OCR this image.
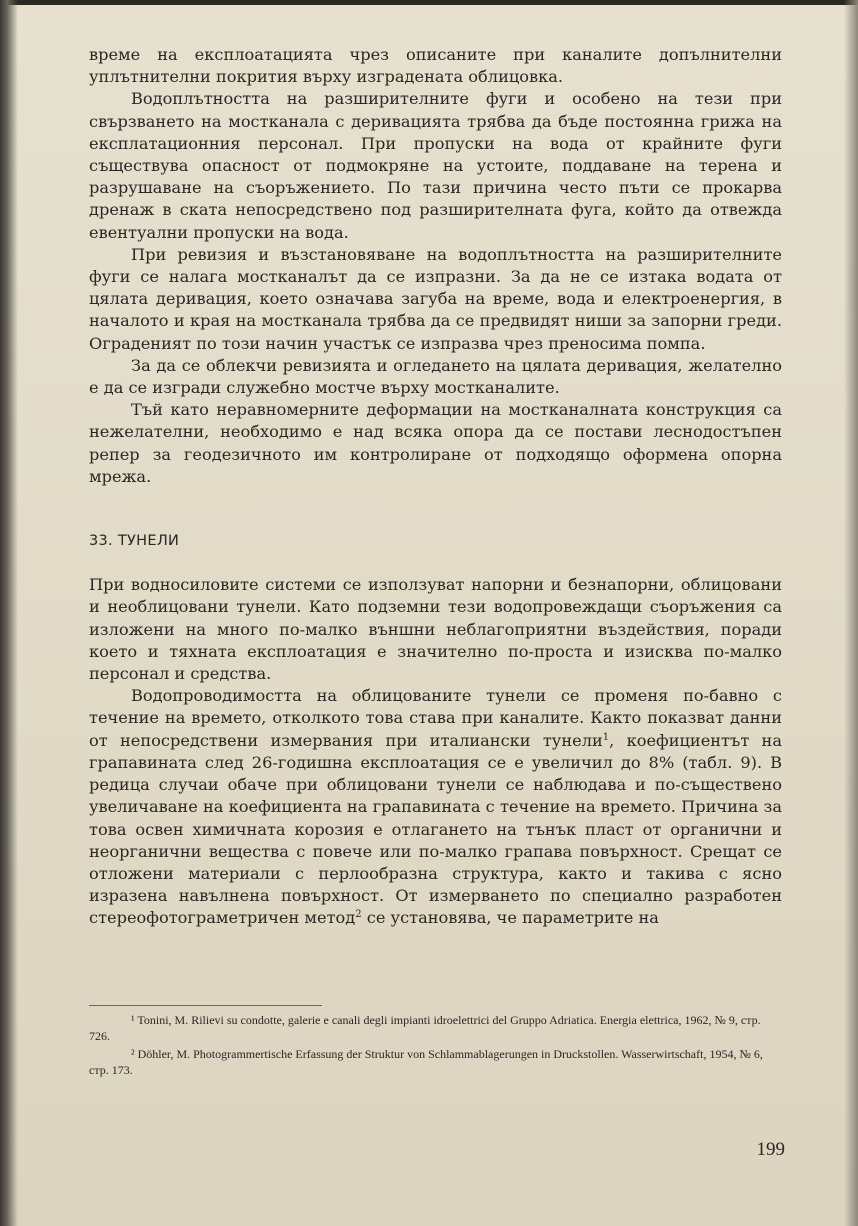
време на експлоатацията чрез описаните при каналите допълнителни уплътнителни покрития върху изградената облицовка.

Водоплътността на разширителните фуги и особено на тези при свързването на мостканала с деривацията трябва да бъде постоянна грижа на експлатационния персонал. При пропуски на вода от крайните фуги съществува опасност от подмокряне на устоите, поддаване на терена и разрушаване на съоръжението. По тази причина често пъти се прокарва дренаж в ската непосредствено под разширителната фуга, който да отвежда евентуални пропуски на вода.

При ревизия и възстановяване на водоплътността на разширителните фуги се налага мостканалът да се изпразни. За да не се изтака водата от цялата деривация, което означава загуба на време, вода и електроенергия, в началото и края на мостканала трябва да се предвидят ниши за запорни греди. Ограденият по този начин участък се изпразва чрез преносима помпа.

За да се облекчи ревизията и огледането на цялата деривация, желателно е да се изгради служебно мостче върху мостканалите.

Тъй като неравномерните деформации на мостканалната конструкция са нежелателни, необходимо е над всяка опора да се постави леснодостъпен репер за геодезичното им контролиране от подходящо оформена опорна мрежа.

33. ТУНЕЛИ

При водносиловите системи се използуват напорни и безнапорни, облицовани и необлицовани тунели. Като подземни тези водопровеждащи съоръжения са изложени на много по-малко външни неблагоприятни въздействия, поради което и тяхната експлоатация е значително по-проста и изисква по-малко персонал и средства.

Водопроводимостта на облицованите тунели се променя по-бавно с течение на времето, отколкото това става при каналите. Както показват данни от непосредствени измервания при италиански тунели$^1$, коефициентът на грапавината след 26-годишна експлоатация се е увеличил до 8% (табл. 9). В редица случаи обаче при облицовани тунели се наблюдава и по-съществено увеличаване на коефициента на грапавината с течение на времето. Причина за това освен химичната корозия е отлагането на тънък пласт от органични и неорганични вещества с повече или по-малко грапава повърхност. Срещат се отложени материали с перлообразна структура, както и такива с ясно изразена навълнена повърхност. От измерването по специално разработен стереофотограметричен метод$^2$ се установява, че параметрите на

¹ Tonini, M. Rilievi su condotte, galerie e canali degli impianti idroelettrici del Gruppo Adriatica. Energia elettrica, 1962, № 9, стр. 726.

² Döhler, M. Photogrammertische Erfassung der Struktur von Schlammablagerungen in Druckstollen. Wasserwirtschaft, 1954, № 6, стр. 173.

199
